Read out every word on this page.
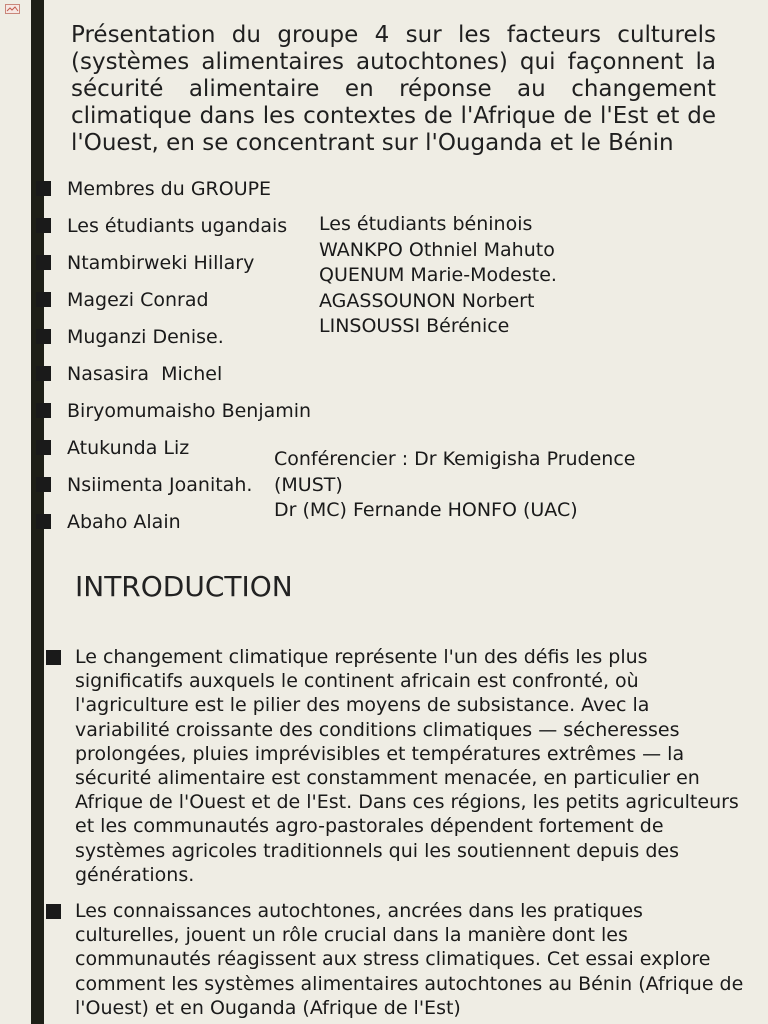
Présentation du groupe 4 sur les facteurs culturels (systèmes alimentaires autochtones) qui façonnent la sécurité alimentaire en réponse au changement climatique dans les contextes de l'Afrique de l'Est et de l'Ouest, en se concentrant sur l'Ouganda et le Bénin
Membres du GROUPE
Les étudiants ugandais
Ntambirweki Hillary
Magezi Conrad
Muganzi Denise.
Nasasira  Michel
Biryomumaisho Benjamin
Atukunda Liz
Nsiimenta Joanitah.
Abaho Alain
Les étudiants béninois
WANKPO Othniel Mahuto
QUENUM Marie-Modeste.
AGASSOUNON Norbert
LINSOUSSI Bérénice
Conférencier : Dr Kemigisha Prudence
(MUST)
Dr (MC) Fernande HONFO (UAC)
INTRODUCTION

Le changement climatique représente l'un des défis les plus significatifs auxquels le continent africain est confronté, où l'agriculture est le pilier des moyens de subsistance. Avec la variabilité croissante des conditions climatiques — sécheresses prolongées, pluies imprévisibles et températures extrêmes — la sécurité alimentaire est constamment menacée, en particulier en Afrique de l'Ouest et de l'Est. Dans ces régions, les petits agriculteurs et les communautés agro-pastorales dépendent fortement de systèmes agricoles traditionnels qui les soutiennent depuis des générations.

Les connaissances autochtones, ancrées dans les pratiques culturelles, jouent un rôle crucial dans la manière dont les communautés réagissent aux stress climatiques. Cet essai explore comment les systèmes alimentaires autochtones au Bénin (Afrique de l'Ouest) et en Ouganda (Afrique de l'Est)
